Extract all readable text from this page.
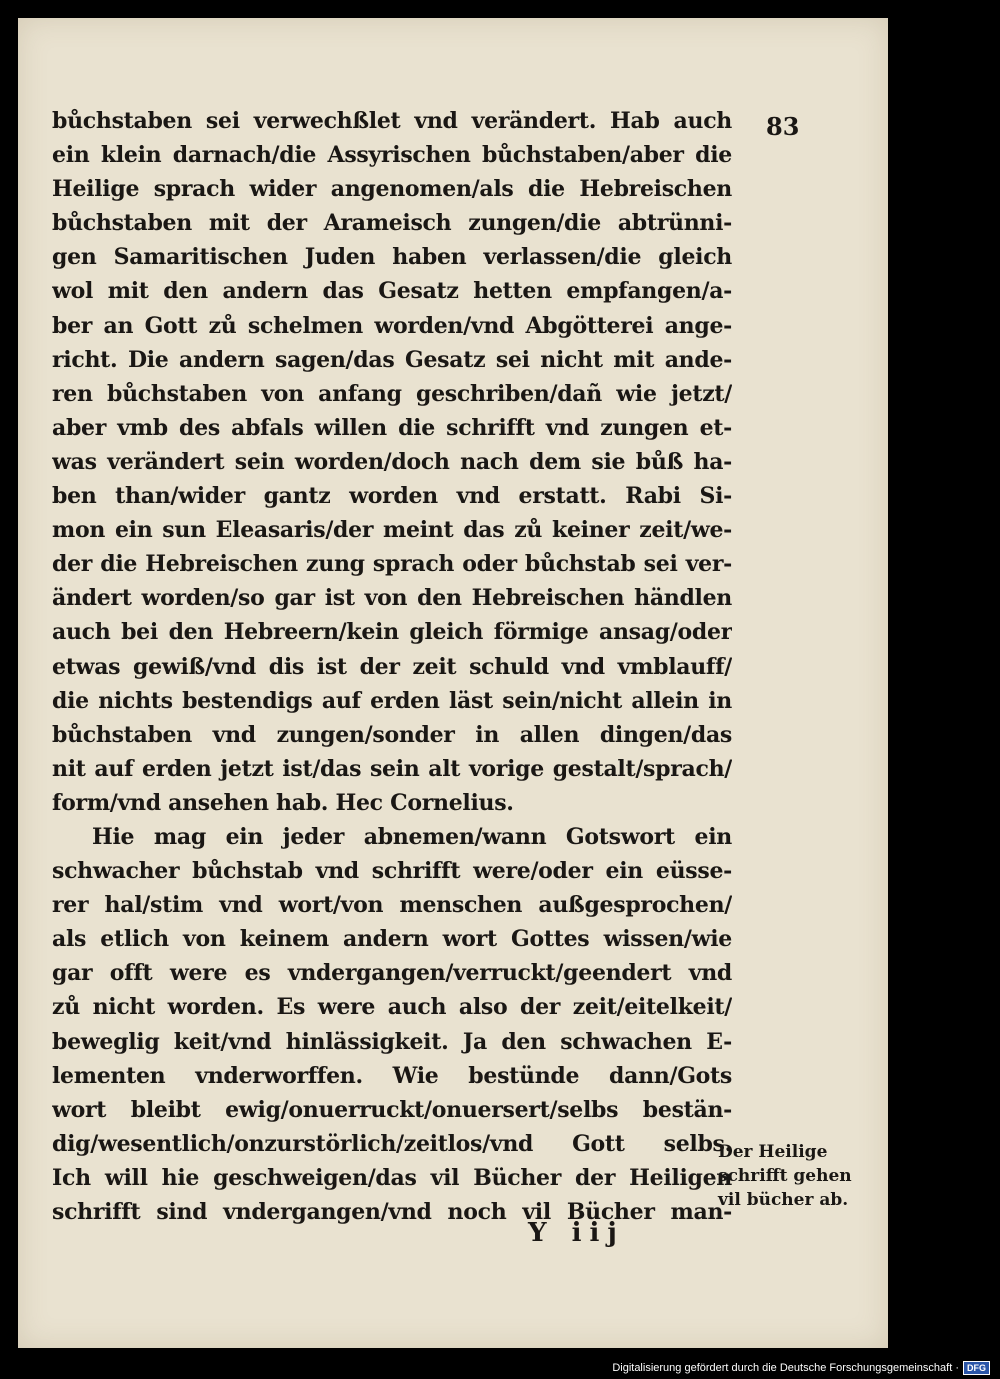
83
bůchstaben sei verwechßlet vnd verändert. Hab auch
ein klein darnach/die Assyrischen bůchstaben/aber die
Heilige sprach wider angenomen/als die Hebreischen
bůchstaben mit der Arameisch zungen/die abtrünni-
gen Samaritischen Juden haben verlassen/die gleich
wol mit den andern das Gesatz hetten empfangen/a-
ber an Gott zů schelmen worden/vnd Abgötterei ange-
richt. Die andern sagen/das Gesatz sei nicht mit ande-
ren bůchstaben von anfang geschriben/dañ wie jetzt/
aber vmb des abfals willen die schrifft vnd zungen et-
was verändert sein worden/doch nach dem sie bůß ha-
ben than/wider gantz worden vnd erstatt. Rabi Si-
mon ein sun Eleasaris/der meint das zů keiner zeit/we-
der die Hebreischen zung sprach oder bůchstab sei ver-
ändert worden/so gar ist von den Hebreischen händlen
auch bei den Hebreern/kein gleich förmige ansag/oder
etwas gewiß/vnd dis ist der zeit schuld vnd vmblauff/
die nichts bestendigs auf erden läst sein/nicht allein in
bůchstaben vnd zungen/sonder in allen dingen/das
nit auf erden jetzt ist/das sein alt vorige gestalt/sprach/
form/vnd ansehen hab. Hec Cornelius.
Hie mag ein jeder abnemen/wann Gotswort ein
schwacher bůchstab vnd schrifft were/oder ein eüsse-
rer hal/stim vnd wort/von menschen außgesprochen/
als etlich von keinem andern wort Gottes wissen/wie
gar offt were es vndergangen/verruckt/geendert vnd
zů nicht worden. Es were auch also der zeit/eitelkeit/
beweglig keit/vnd hinlässigkeit. Ja den schwachen E-
lementen vnderworffen. Wie bestünde dann/Gots
wort bleibt ewig/onuerruckt/onuersert/selbs bestän-
dig/wesentlich/onzurstörlich/zeitlos/vnd Gott selbs.
Ich will hie geschweigen/das vil Bücher der Heiligen
schrifft sind vndergangen/vnd noch vil Bücher man-
Der Heilige
schrifft gehen
vil bücher ab.
Y iij
Digitalisierung gefördert durch die Deutsche Forschungsgemeinschaft · DFG
